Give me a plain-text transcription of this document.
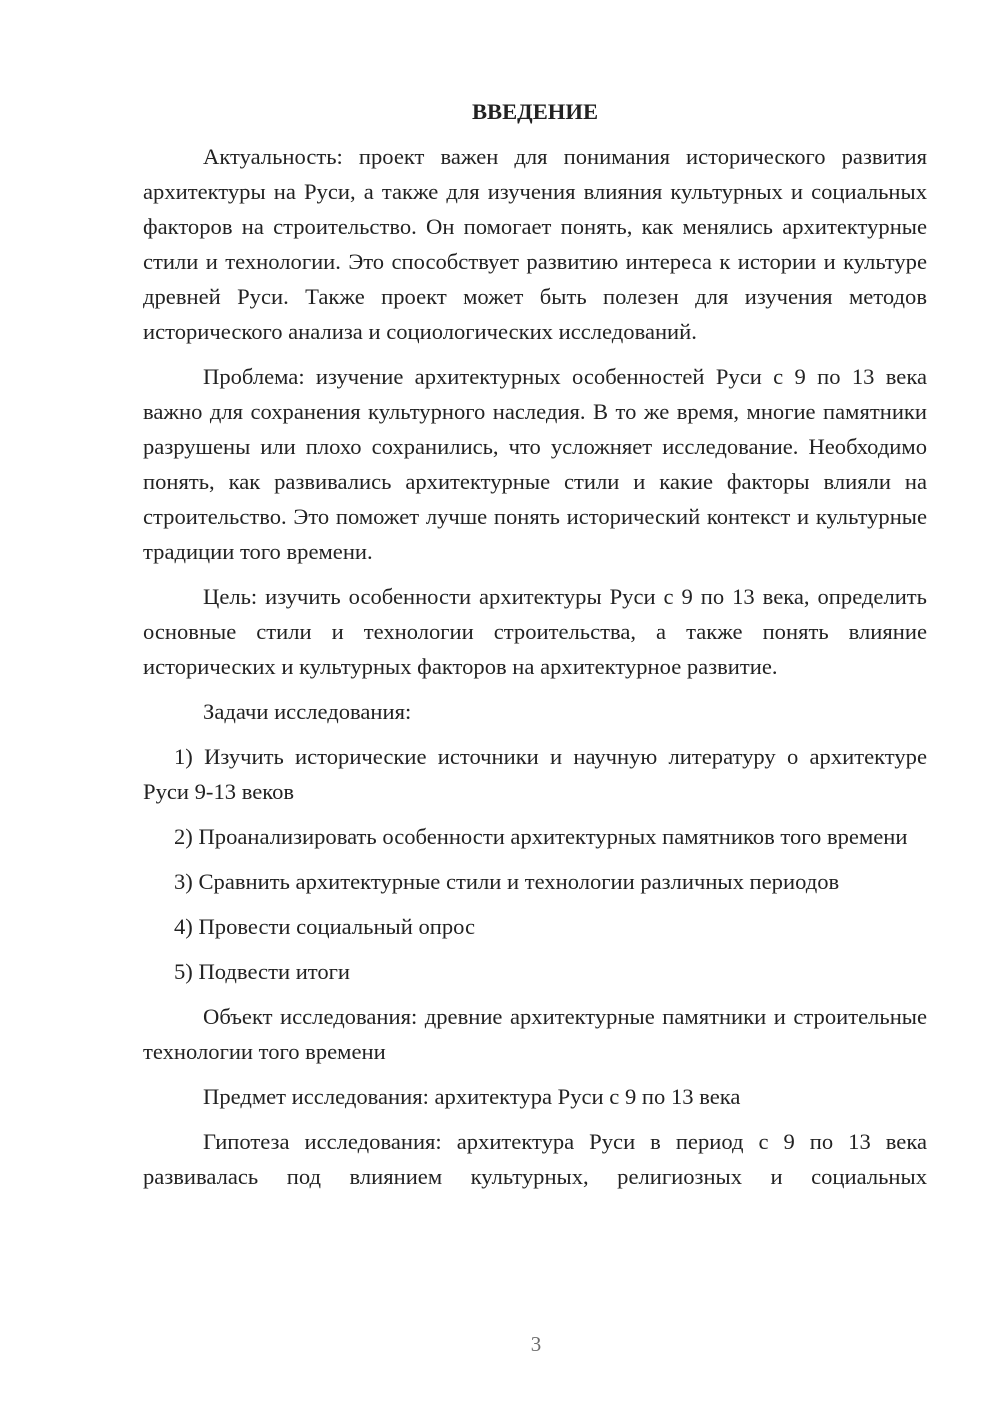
ВВЕДЕНИЕ

Актуальность: проект важен для понимания исторического развития архитектуры на Руси, а также для изучения влияния культурных и социальных факторов на строительство. Он помогает понять, как менялись архитектурные стили и технологии. Это способствует развитию интереса к истории и культуре древней Руси. Также проект может быть полезен для изучения методов исторического анализа и социологических исследований.

Проблема: изучение архитектурных особенностей Руси с 9 по 13 века важно для сохранения культурного наследия. В то же время, многие памятники разрушены или плохо сохранились, что усложняет исследование. Необходимо понять, как развивались архитектурные стили и какие факторы влияли на строительство. Это поможет лучше понять исторический контекст и культурные традиции того времени.

Цель: изучить особенности архитектуры Руси с 9 по 13 века, определить основные стили и технологии строительства, а также понять влияние исторических и культурных факторов на архитектурное развитие.

Задачи исследования:

1) Изучить исторические источники и научную литературу о архитектуре Руси 9-13 веков

2) Проанализировать особенности архитектурных памятников того времени

3) Сравнить архитектурные стили и технологии различных периодов

4) Провести социальный опрос

5) Подвести итоги

Объект исследования: древние архитектурные памятники и строительные технологии того времени

Предмет исследования: архитектура Руси с 9 по 13 века

Гипотеза исследования: архитектура Руси в период с 9 по 13 века развивалась под влиянием культурных, религиозных и социальных

3
